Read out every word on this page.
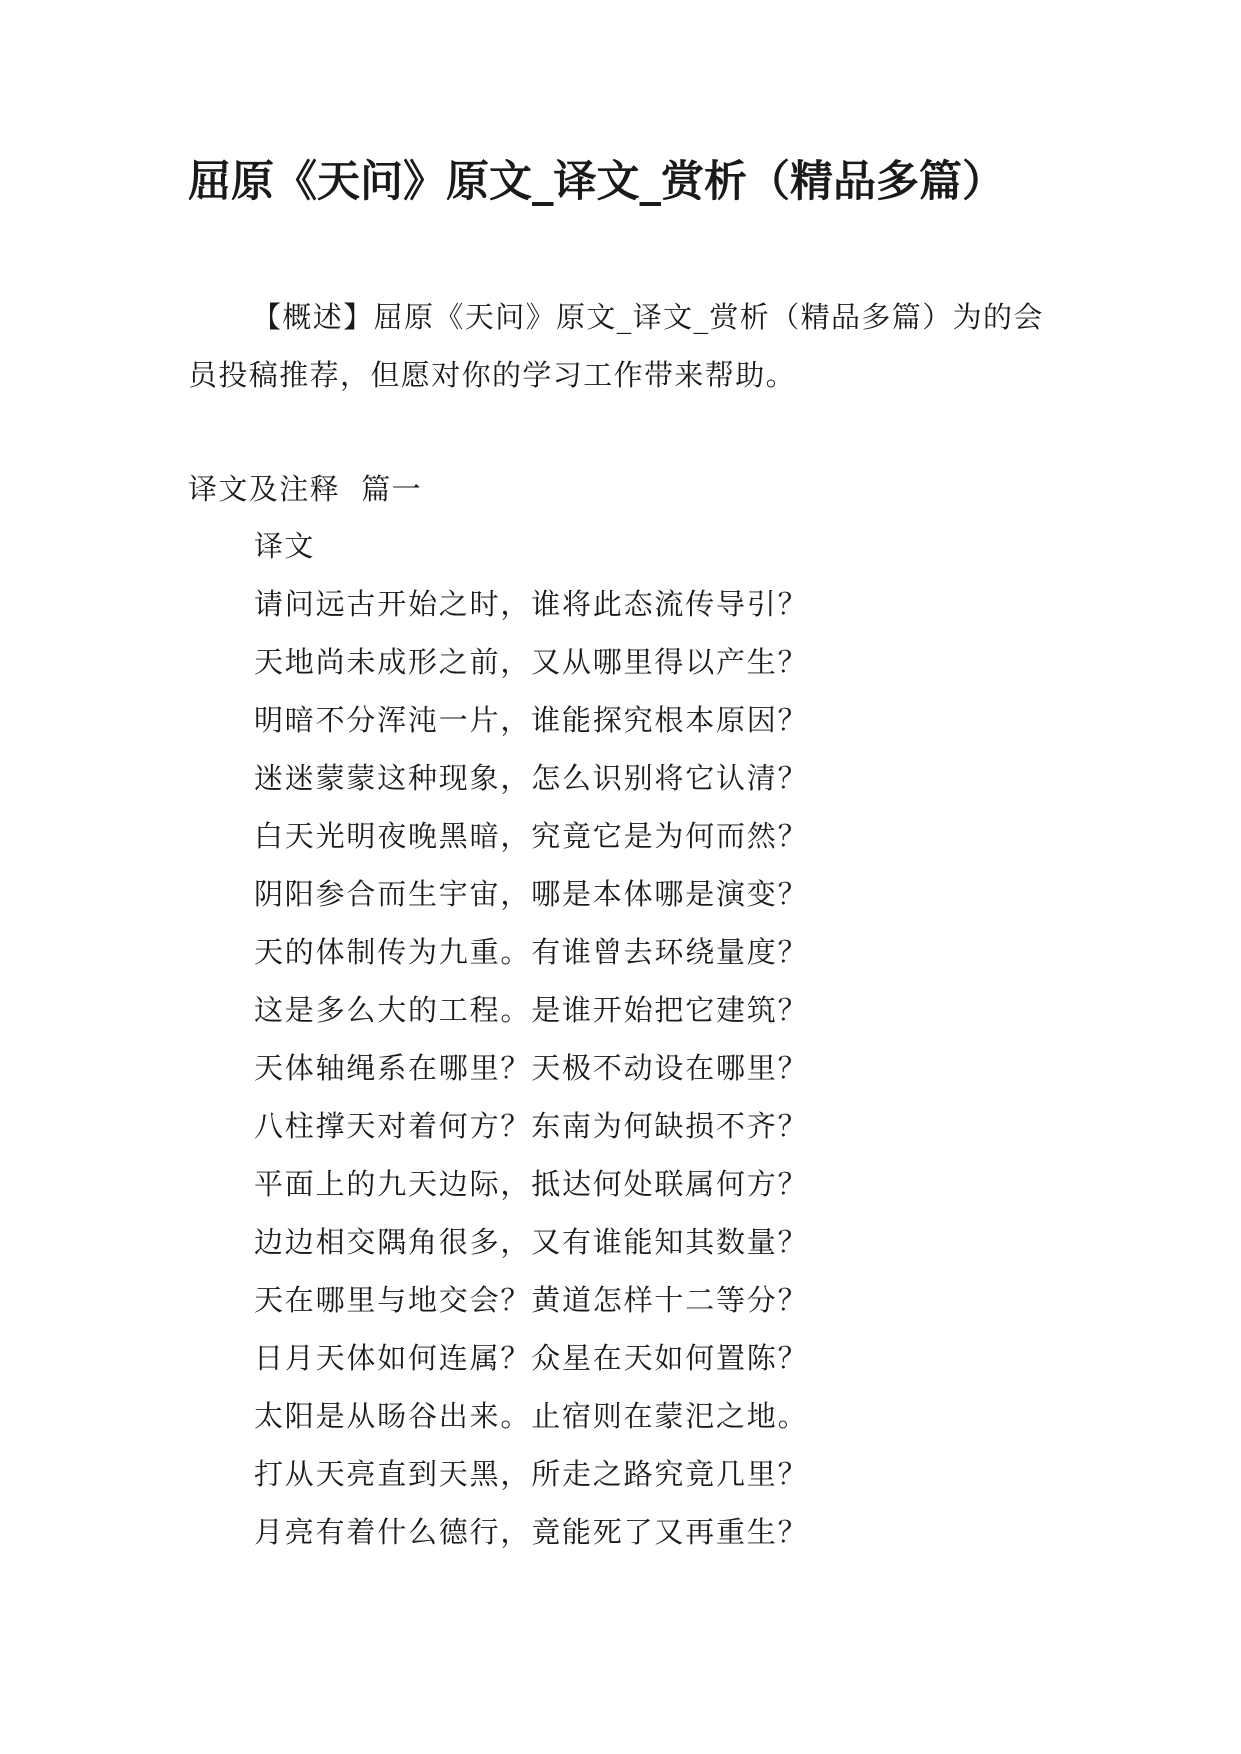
屈原《天问》原文_译文_赏析（精品多篇）

【概述】屈原《天问》原文_译文_赏析（精品多篇）为的会员投稿推荐，但愿对你的学习工作带来帮助。

译文及注释  篇一

译文

请问远古开始之时，谁将此态流传导引？
天地尚未成形之前，又从哪里得以产生？
明暗不分浑沌一片，谁能探究根本原因？
迷迷蒙蒙这种现象，怎么识别将它认清？
白天光明夜晚黑暗，究竟它是为何而然？
阴阳参合而生宇宙，哪是本体哪是演变？
天的体制传为九重。有谁曾去环绕量度？
这是多么大的工程。是谁开始把它建筑？
天体轴绳系在哪里？天极不动设在哪里？
八柱撑天对着何方？东南为何缺损不齐？
平面上的九天边际，抵达何处联属何方？
边边相交隅角很多，又有谁能知其数量？
天在哪里与地交会？黄道怎样十二等分？
日月天体如何连属？众星在天如何置陈？
太阳是从旸谷出来。止宿则在蒙汜之地。
打从天亮直到天黑，所走之路究竟几里？
月亮有着什么德行，竟能死了又再重生？
